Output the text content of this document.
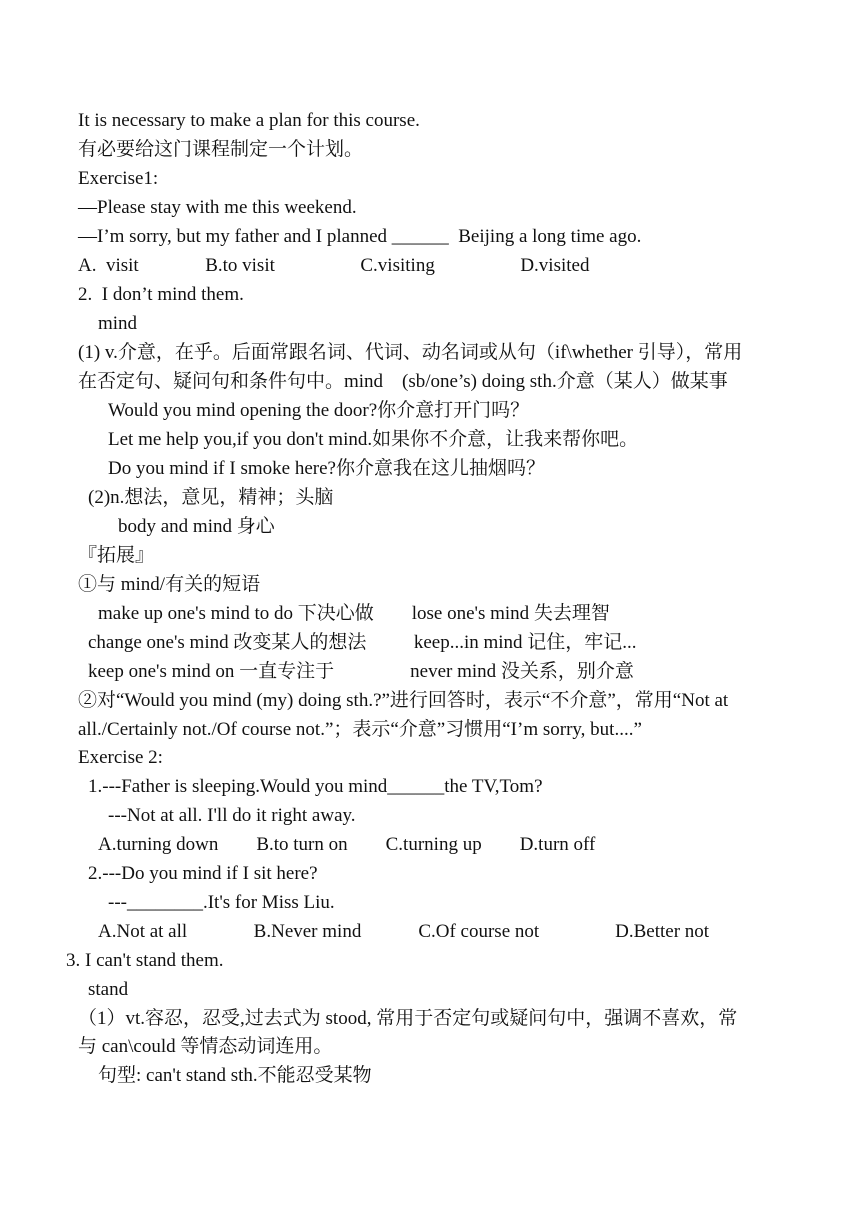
It is necessary to make a plan for this course.
有必要给这门课程制定一个计划。
Exercise1:
—Please stay with me this weekend.
—I’m sorry, but my father and I planned ______  Beijing a long time ago.
A.  visit              B.to visit                  C.visiting                  D.visited
2.  I don’t mind them.
mind
(1) v.介意，在乎。后面常跟名词、代词、动名词或从句（if\whether 引导），常用
在否定句、疑问句和条件句中。mind    (sb/one’s) doing sth.介意（某人）做某事
Would you mind opening the door?你介意打开门吗？
Let me help you,if you don't mind.如果你不介意，让我来帮你吧。
Do you mind if I smoke here?你介意我在这儿抽烟吗？
(2)n.想法，意见，精神；头脑
body and mind 身心
『拓展』
①与 mind/有关的短语
make up one's mind to do 下决心做        lose one's mind 失去理智
change one's mind 改变某人的想法          keep...in mind 记住，牢记...
keep one's mind on 一直专注于                never mind 没关系，别介意
②对“Would you mind (my) doing sth.?”进行回答时，表示“不介意”，常用“Not at
all./Certainly not./Of course not.”；表示“介意”习惯用“I’m sorry, but....”
Exercise 2:
1.---Father is sleeping.Would you mind______the TV,Tom?
---Not at all. I'll do it right away.
A.turning down        B.to turn on        C.turning up        D.turn off
2.---Do you mind if I sit here?
---________.It's for Miss Liu.
A.Not at all              B.Never mind            C.Of course not                D.Better not
3. I can't stand them.
stand
（1）vt.容忍，忍受,过去式为 stood, 常用于否定句或疑问句中，强调不喜欢，常
与 can\could 等情态动词连用。
句型: can't stand sth.不能忍受某物
